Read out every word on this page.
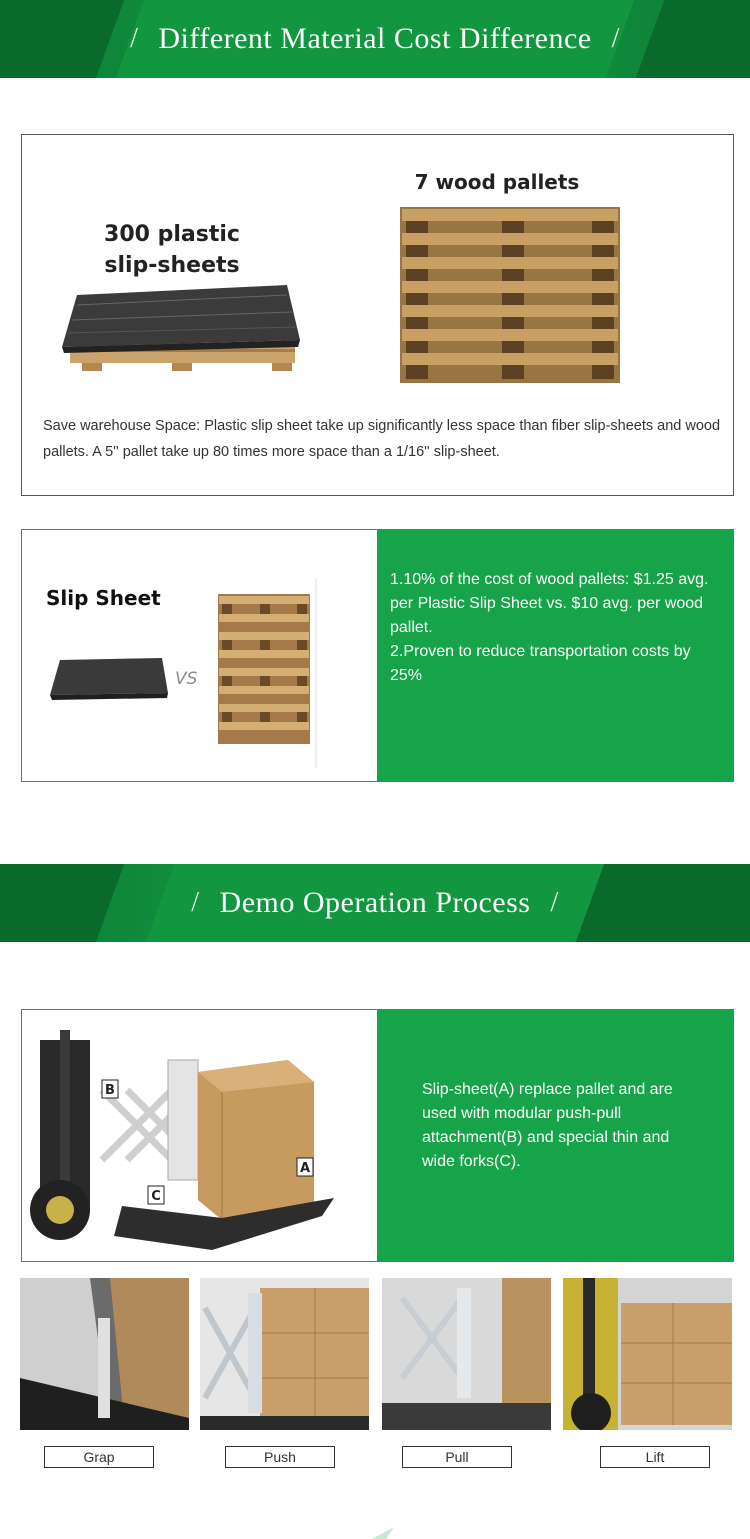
/ Different Material Cost Difference /
300 plastic
slip-sheets
7 wood pallets
Save warehouse Space: Plastic slip sheet take up significantly less space than fiber slip-sheets and wood pallets. A 5'' pallet take up 80 times more space than a 1/16'' slip-sheet.
Slip Sheet
VS

1.10% of the cost of wood pallets: $1.25 avg. per Plastic Slip Sheet vs. $10 avg. per wood pallet.

2.Proven to reduce transportation costs by 25%

/ Demo Operation Process /
B
A
C

Slip-sheet(A) replace pallet and are used with modular push-pull attachment(B) and special thin and wide forks(C).

Grap	Push	Pull	Lift
